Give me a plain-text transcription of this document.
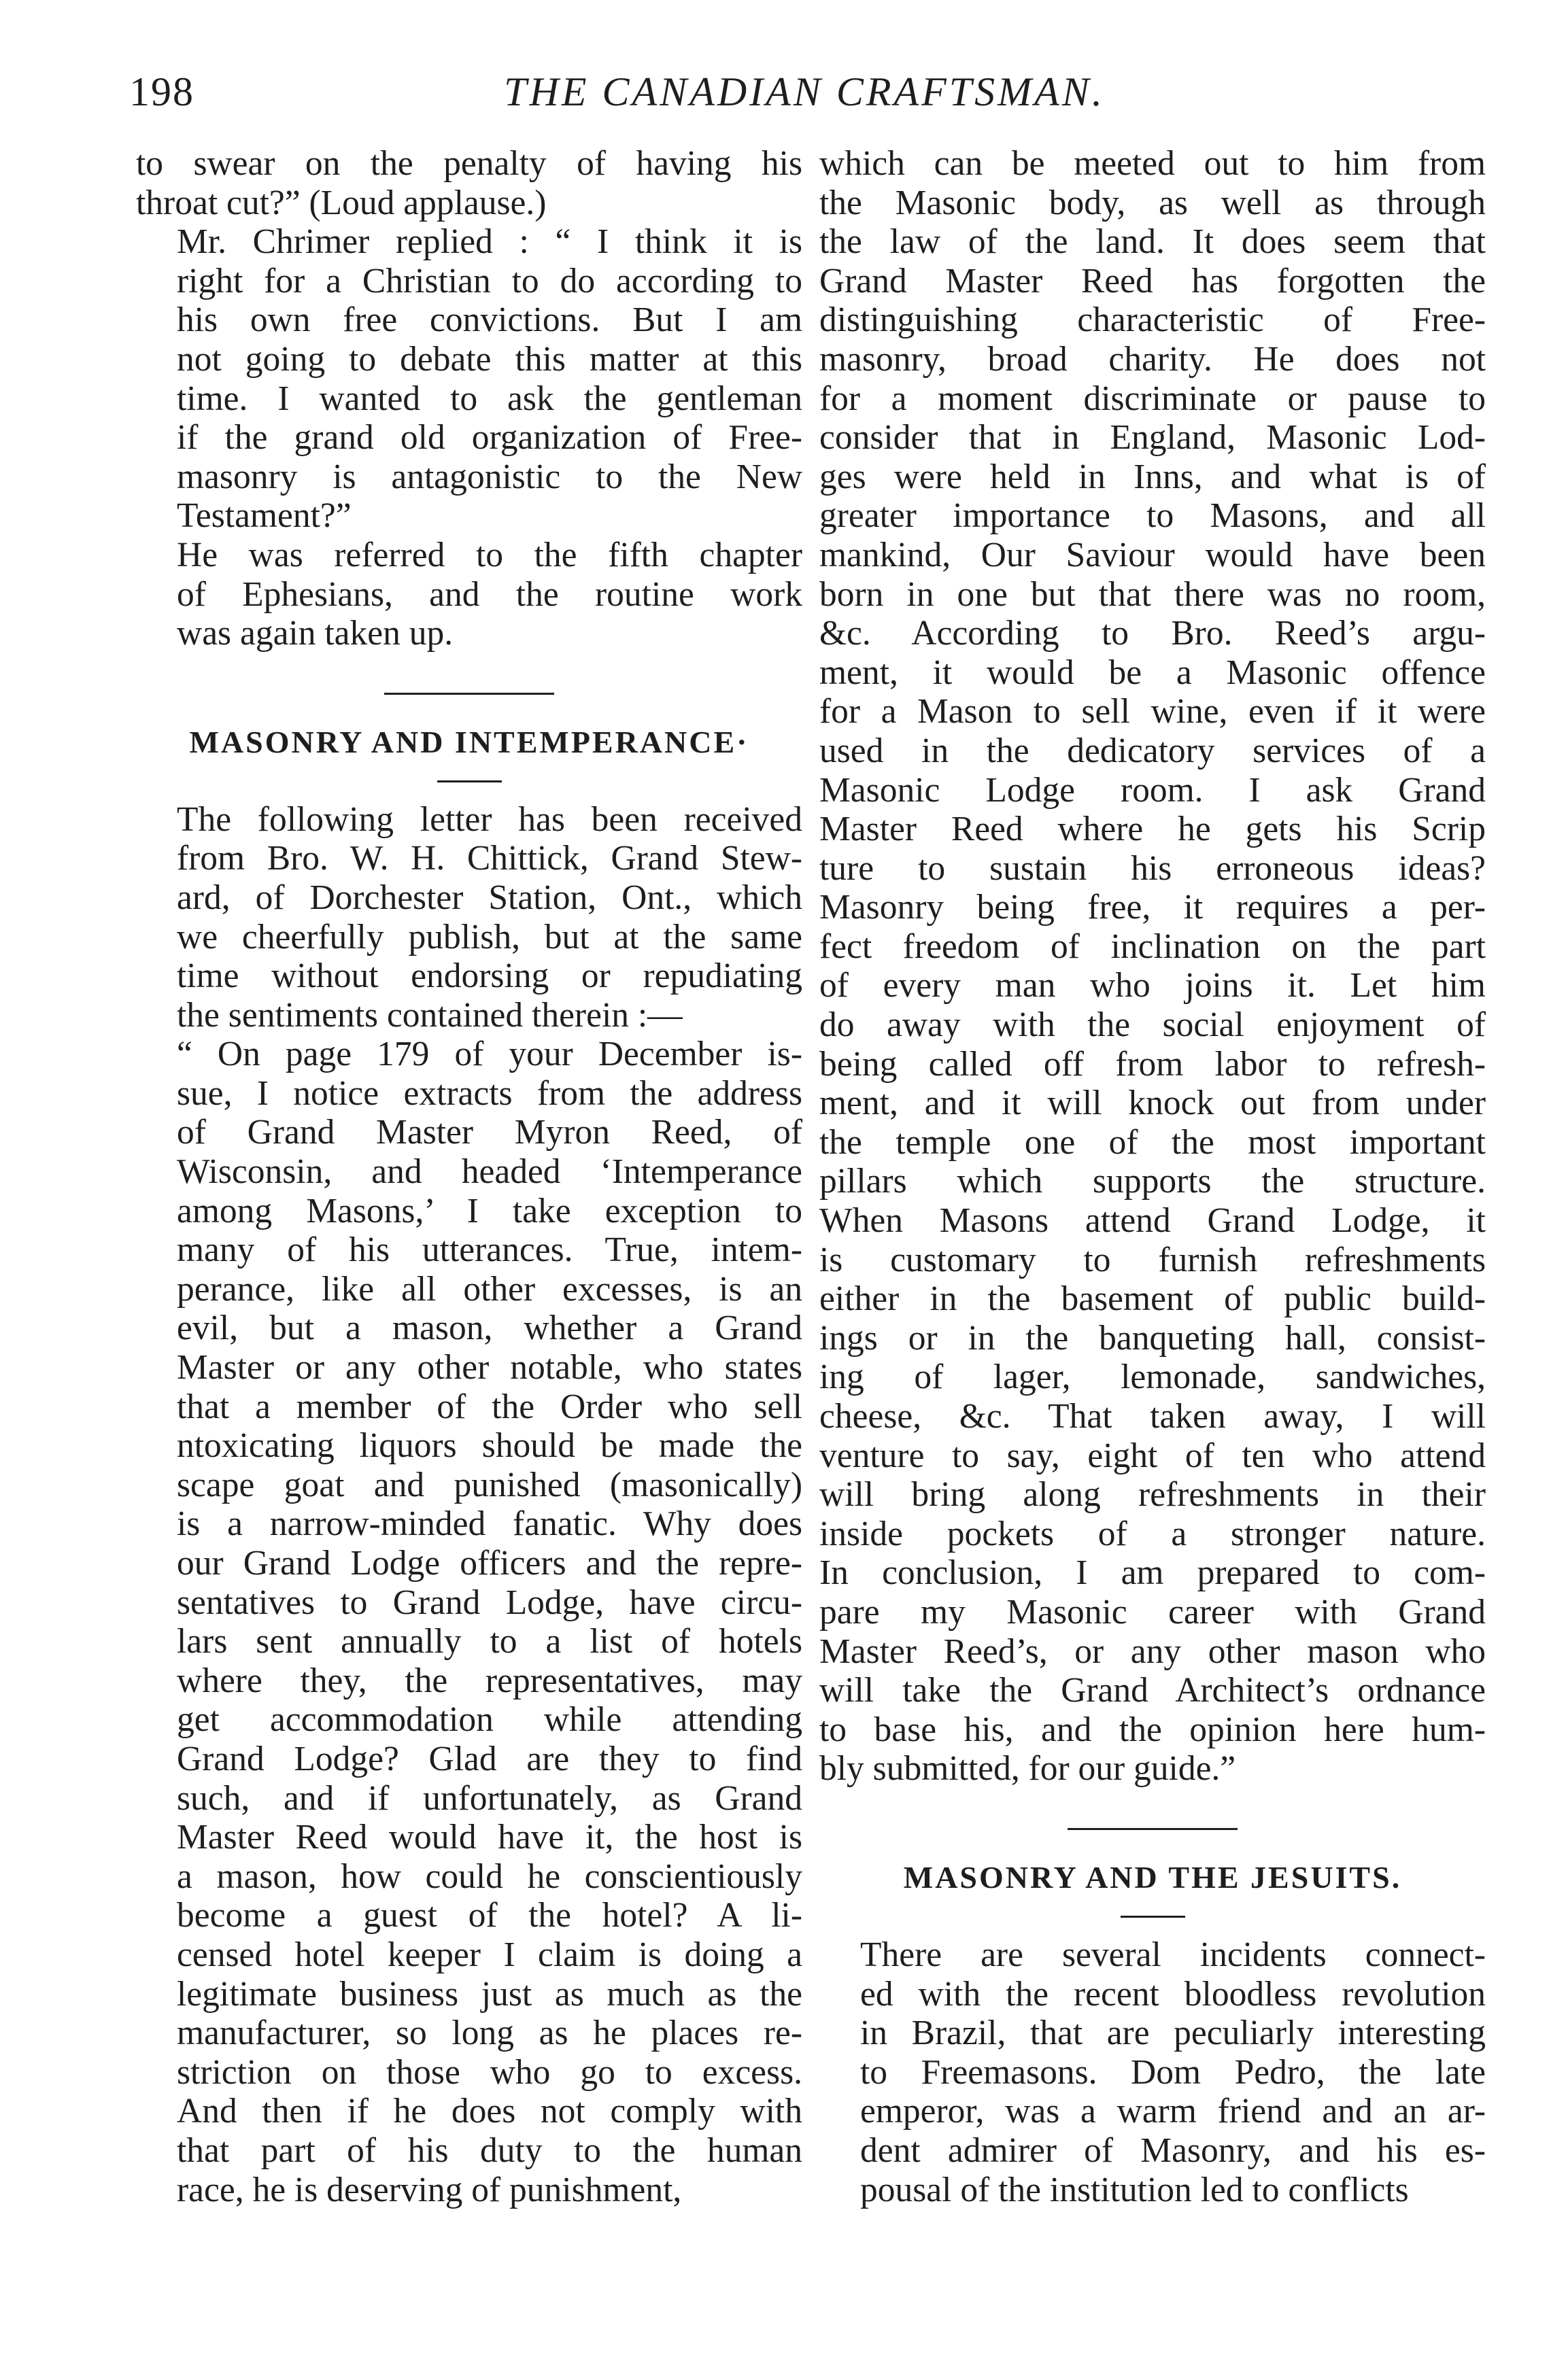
198	THE CANADIAN CRAFTSMAN.

to swear on the penalty of having his
throat cut?” (Loud applause.)

Mr. Chrimer replied : “ I think it is
right for a Christian to do according to
his own free convictions. But I am
not going to debate this matter at this
time. I wanted to ask the gentleman
if the grand old organization of Free-
masonry is antagonistic to the New
Testament?”

He was referred to the fifth chapter
of Ephesians, and the routine work
was again taken up.

MASONRY AND INTEMPERANCE·

The following letter has been received
from Bro. W. H. Chittick, Grand Stew-
ard, of Dorchester Station, Ont., which
we cheerfully publish, but at the same
time without endorsing or repudiating
the sentiments contained therein :—

“ On page 179 of your December is-
sue, I notice extracts from the address
of Grand Master Myron Reed, of
Wisconsin, and headed ‘Intemperance
among Masons,’ I take exception to
many of his utterances. True, intem-
perance, like all other excesses, is an
evil, but a mason, whether a Grand
Master or any other notable, who states
that a member of the Order who sell
ntoxicating liquors should be made the
scape goat and punished (masonically)
is a narrow-minded fanatic. Why does
our Grand Lodge officers and the repre-
sentatives to Grand Lodge, have circu-
lars sent annually to a list of hotels
where they, the representatives, may
get accommodation while attending
Grand Lodge? Glad are they to find
such, and if unfortunately, as Grand
Master Reed would have it, the host is
a mason, how could he conscientiously
become a guest of the hotel? A li-
censed hotel keeper I claim is doing a
legitimate business just as much as the
manufacturer, so long as he places re-
striction on those who go to excess.
And then if he does not comply with
that part of his duty to the human
race, he is deserving of punishment,

which can be meeted out to him from
the Masonic body, as well as through
the law of the land. It does seem that
Grand Master Reed has forgotten the
distinguishing characteristic of Free-
masonry, broad charity. He does not
for a moment discriminate or pause to
consider that in England, Masonic Lod-
ges were held in Inns, and what is of
greater importance to Masons, and all
mankind, Our Saviour would have been
born in one but that there was no room,
&c. According to Bro. Reed’s argu-
ment, it would be a Masonic offence
for a Mason to sell wine, even if it were
used in the dedicatory services of a
Masonic Lodge room. I ask Grand
Master Reed where he gets his Scrip
ture to sustain his erroneous ideas?
Masonry being free, it requires a per-
fect freedom of inclination on the part
of every man who joins it. Let him
do away with the social enjoyment of
being called off from labor to refresh-
ment, and it will knock out from under
the temple one of the most important
pillars which supports the structure.
When Masons attend Grand Lodge, it
is customary to furnish refreshments
either in the basement of public build-
ings or in the banqueting hall, consist-
ing of lager, lemonade, sandwiches,
cheese, &c. That taken away, I will
venture to say, eight of ten who attend
will bring along refreshments in their
inside pockets of a stronger nature.
In conclusion, I am prepared to com-
pare my Masonic career with Grand
Master Reed’s, or any other mason who
will take the Grand Architect’s ordnance
to base his, and the opinion here hum-
bly submitted, for our guide.”

MASONRY AND THE JESUITS.

There are several incidents connect-
ed with the recent bloodless revolution
in Brazil, that are peculiarly interesting
to Freemasons. Dom Pedro, the late
emperor, was a warm friend and an ar-
dent admirer of Masonry, and his es-
pousal of the institution led to conflicts
